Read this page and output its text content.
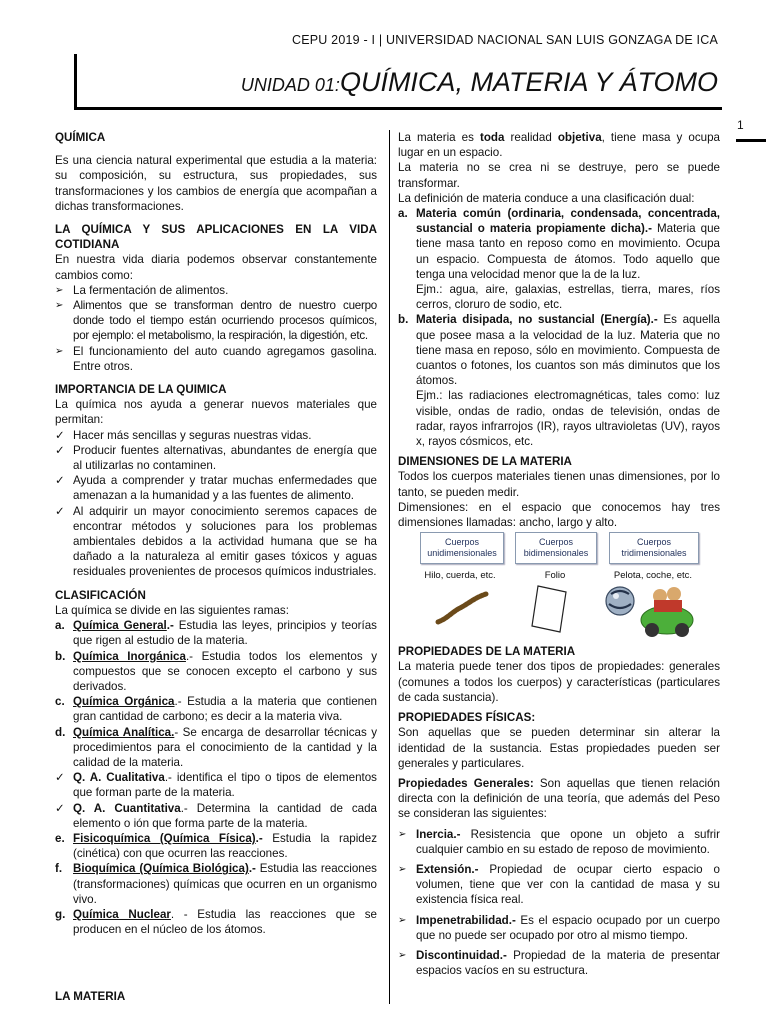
CEPU 2019 - I | UNIVERSIDAD NACIONAL SAN LUIS GONZAGA DE ICA
UNIDAD 01:QUÍMICA, MATERIA Y ÁTOMO
1

QUÍMICA

Es una ciencia natural experimental que estudia a la materia: su composición, su estructura, sus propiedades, sus transformaciones y los cambios de energía que acompañan a dichas transformaciones.

LA QUÍMICA Y SUS APLICACIONES EN LA VIDA COTIDIANA

En nuestra vida diaria podemos observar constantemente cambios como:

➢ La fermentación de alimentos.
➢ Alimentos que se transforman dentro de nuestro cuerpo donde todo el tiempo están ocurriendo procesos químicos, por ejemplo: el metabolismo, la respiración, la digestión, etc.
➢ El funcionamiento del auto cuando agregamos gasolina. Entre otros.

IMPORTANCIA DE LA QUIMICA

La química nos ayuda a generar nuevos materiales que permitan:

✓ Hacer más sencillas y seguras nuestras vidas.
✓ Producir fuentes alternativas, abundantes de energía que al utilizarlas no contaminen.
✓ Ayuda a comprender y tratar muchas enfermedades que amenazan a la humanidad y a las fuentes de alimento.
✓ Al adquirir un mayor conocimiento seremos capaces de encontrar métodos y soluciones para los problemas ambientales debidos a la actividad humana que se ha dañado a la naturaleza al emitir gases tóxicos y aguas residuales provenientes de procesos químicos industriales.

CLASIFICACIÓN

La química se divide en las siguientes ramas:

a. Química General.- Estudia las leyes, principios y teorías que rigen al estudio de la materia.
b. Química Inorgánica.- Estudia todos los elementos y compuestos que se conocen excepto el carbono y sus derivados.
c. Química Orgánica.- Estudia a la materia que contienen gran cantidad de carbono; es decir a la materia viva.
d. Química Analítica.- Se encarga de desarrollar técnicas y procedimientos para el conocimiento de la cantidad y la calidad de la materia.
✓ Q. A. Cualitativa.- identifica el tipo o tipos de elementos que forman parte de la materia.
✓ Q. A. Cuantitativa.- Determina la cantidad de cada elemento o ión que forma parte de la materia.
e. Fisicoquímica (Química Física).- Estudia la rapidez (cinética) con que ocurren las reacciones.
f. Bioquímica (Química Biológica).- Estudia las reacciones (transformaciones) químicas que ocurren en un organismo vivo.
g. Química Nuclear. - Estudia las reacciones que se producen en el núcleo de los átomos.
LA MATERIA

La materia es toda realidad objetiva, tiene masa y ocupa lugar en un espacio.

La materia no se crea ni se destruye, pero se puede transformar.

La definición de materia conduce a una clasificación dual:

a. Materia común (ordinaria, condensada, concentrada, sustancial o materia propiamente dicha).- Materia que tiene masa tanto en reposo como en movimiento. Ocupa un espacio. Compuesta de átomos. Todo aquello que tenga una velocidad menor que la de la luz.
Ejm.: agua, aire, galaxias, estrellas, tierra, mares, ríos cerros, cloruro de sodio, etc.
b. Materia disipada, no sustancial (Energía).- Es aquella que posee masa a la velocidad de la luz. Materia que no tiene masa en reposo, sólo en movimiento. Compuesta de cuantos o fotones, los cuantos son más diminutos que los átomos.
Ejm.: las radiaciones electromagnéticas, tales como: luz visible, ondas de radio, ondas de televisión, ondas de radar, rayos infrarrojos (IR), rayos ultravioletas (UV), rayos x, rayos cósmicos, etc.

DIMENSIONES DE LA MATERIA

Todos los cuerpos materiales tienen unas dimensiones, por lo tanto, se pueden medir.

Dimensiones: en el espacio que conocemos hay tres dimensiones llamadas: ancho, largo y alto.

Cuerpos unidimensionales
Cuerpos bidimensionales
Cuerpos tridimensionales
Hilo, cuerda, etc.	Folio	Pelota, coche, etc.

PROPIEDADES DE LA MATERIA

La materia puede tener dos tipos de propiedades: generales (comunes a todos los cuerpos) y características (particulares de cada sustancia).

PROPIEDADES FÍSICAS:

Son aquellas que se pueden determinar sin alterar la identidad de la sustancia. Estas propiedades pueden ser generales y particulares.

Propiedades Generales: Son aquellas que tienen relación directa con la definición de una teoría, que además del Peso se consideran las siguientes:

➢ Inercia.- Resistencia que opone un objeto a sufrir cualquier cambio en su estado de reposo de movimiento.
➢ Extensión.- Propiedad de ocupar cierto espacio o volumen, tiene que ver con la cantidad de masa y su existencia física real.
➢ Impenetrabilidad.- Es el espacio ocupado por un cuerpo que no puede ser ocupado por otro al mismo tiempo.
➢ Discontinuidad.- Propiedad de la materia de presentar espacios vacíos en su estructura.
